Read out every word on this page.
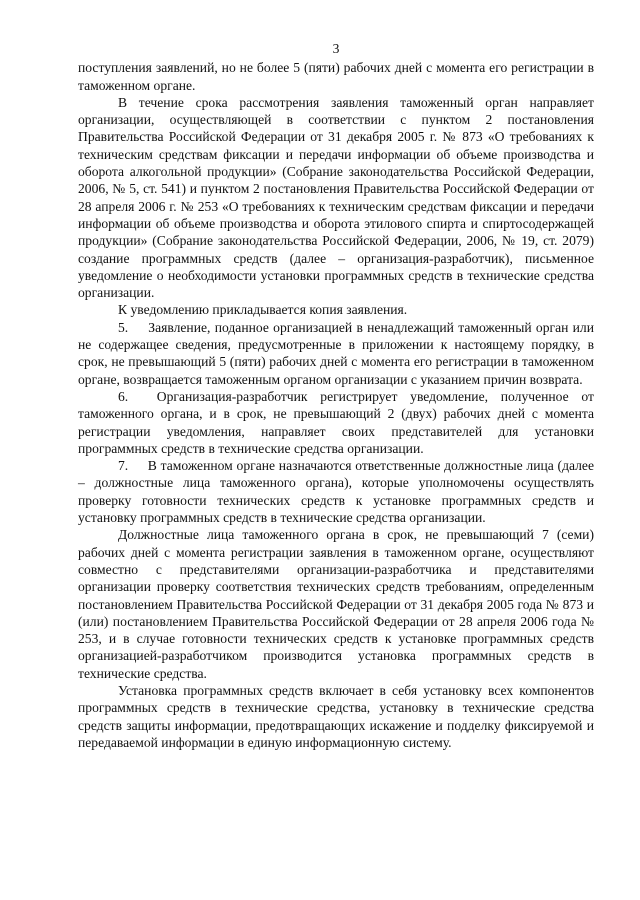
3

поступления заявлений, но не более 5 (пяти) рабочих дней с момента его регистрации в таможенном органе.

В течение срока рассмотрения заявления таможенный орган направляет организации, осуществляющей в соответствии с пунктом 2 постановления Правительства Российской Федерации от 31 декабря 2005 г. № 873 «О требованиях к техническим средствам фиксации и передачи информации об объеме производства и оборота алкогольной продукции» (Собрание законодательства Российской Федерации, 2006, № 5, ст. 541) и пунктом 2 постановления Правительства Российской Федерации от 28 апреля 2006 г. № 253 «О требованиях к техническим средствам фиксации и передачи информации об объеме производства и оборота этилового спирта и спиртосодержащей продукции» (Собрание законодательства Российской Федерации, 2006, № 19, ст. 2079) создание программных средств (далее – организация-разработчик), письменное уведомление о необходимости установки программных средств в технические средства организации.

К уведомлению прикладывается копия заявления.

5. Заявление, поданное организацией в ненадлежащий таможенный орган или не содержащее сведения, предусмотренные в приложении к настоящему порядку, в срок, не превышающий 5 (пяти) рабочих дней с момента его регистрации в таможенном органе, возвращается таможенным органом организации с указанием причин возврата.

6. Организация-разработчик регистрирует уведомление, полученное от таможенного органа, и в срок, не превышающий 2 (двух) рабочих дней с момента регистрации уведомления, направляет своих представителей для установки программных средств в технические средства организации.

7. В таможенном органе назначаются ответственные должностные лица (далее – должностные лица таможенного органа), которые уполномочены осуществлять проверку готовности технических средств к установке программных средств и установку программных средств в технические средства организации.

Должностные лица таможенного органа в срок, не превышающий 7 (семи) рабочих дней с момента регистрации заявления в таможенном органе, осуществляют совместно с представителями организации-разработчика и представителями организации проверку соответствия технических средств требованиям, определенным постановлением Правительства Российской Федерации от 31 декабря 2005 года № 873 и (или) постановлением Правительства Российской Федерации от 28 апреля 2006 года № 253, и в случае готовности технических средств к установке программных средств организацией-разработчиком производится установка программных средств в технические средства.

Установка программных средств включает в себя установку всех компонентов программных средств в технические средства, установку в технические средства средств защиты информации, предотвращающих искажение и подделку фиксируемой и передаваемой информации в единую информационную систему.
